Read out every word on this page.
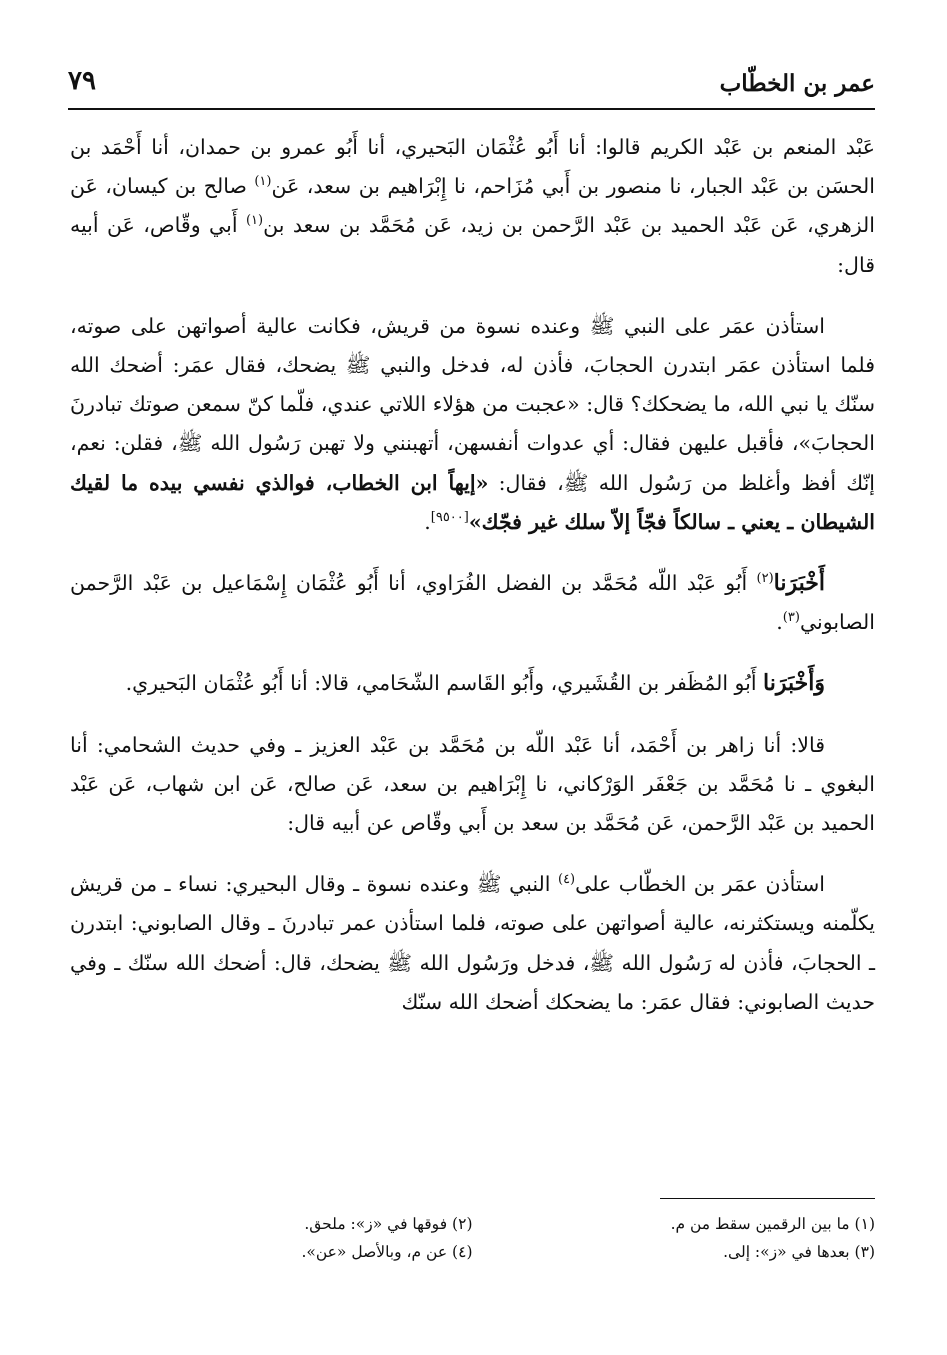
عمر بن الخطّاب
٧٩

عَبْد المنعم بن عَبْد الكريم قالوا: أنا أَبُو عُثْمَان البَحيري، أنا أَبُو عمرو بن حمدان، أنا أَحْمَد بن الحسَن بن عَبْد الجبار، نا منصور بن أَبي مُزَاحم، نا إِبْرَاهيم بن سعد، عَن$^{(١)}$ صالح بن كيسان، عَن الزهري، عَن عَبْد الحميد بن عَبْد الرَّحمن بن زيد، عَن مُحَمَّد بن سعد بن$^{(١)}$ أَبي وقّاص، عَن أبيه قال:

استأذن عمَر على النبي ﷺ وعنده نسوة من قريش، فكانت عالية أصواتهن على صوته، فلما استأذن عمَر ابتدرن الحجابَ، فأذن له، فدخل والنبي ﷺ يضحك، فقال عمَر: أضحك الله سنّك يا نبي الله، ما يضحكك؟ قال: «عجبت من هؤلاء اللاتي عندي، فلّما كنّ سمعن صوتك تبادرنَ الحجابَ»، فأقبل عليهن فقال: أي عدوات أنفسهن، أتهبنني ولا تهبن رَسُول الله ﷺ، فقلن: نعم، إنّك أفظ وأغلظ من رَسُول الله ﷺ، فقال: «إيهاً ابن الخطاب، فوالذي نفسي بيده ما لقيك الشيطان ـ يعني ـ سالكاً فجّاً إلاّ سلك غير فجّك»[٩٥٠٠].

أَخْبَرَنا$^{(٢)}$ أَبُو عَبْد اللّه مُحَمَّد بن الفضل الفُرَاوي، أنا أَبُو عُثْمَان إِسْمَاعيل بن عَبْد الرَّحمن الصابوني$^{(٣)}$.

وَأَخْبَرَنا أَبُو المُظَفر بن القُشَيري، وأَبُو القَاسم الشّحَامي، قالا: أنا أَبُو عُثْمَان البَحيري.

قالا: أنا زاهر بن أَحْمَد، أنا عَبْد اللّه بن مُحَمَّد بن عَبْد العزيز ـ وفي حديث الشحامي: أنا البغوي ـ نا مُحَمَّد بن جَعْفَر الوَرْكاني، نا إِبْرَاهيم بن سعد، عَن صالح، عَن ابن شهاب، عَن عَبْد الحميد بن عَبْد الرَّحمن، عَن مُحَمَّد بن سعد بن أَبي وقّاص عن أبيه قال:

استأذن عمَر بن الخطّاب على$^{(٤)}$ النبي ﷺ وعنده نسوة ـ وقال البحيري: نساء ـ من قريش يكلّمنه ويستكثرنه، عالية أصواتهن على صوته، فلما استأذن عمر تبادرنَ ـ وقال الصابوني: ابتدرن ـ الحجابَ، فأذن له رَسُول الله ﷺ، فدخل ورَسُول الله ﷺ يضحك، قال: أضحك الله سنّك ـ وفي حديث الصابوني: فقال عمَر: ما يضحكك أضحك الله سنّك

(١) ما بين الرقمين سقط من م.
(٢) فوقها في «ز»: ملحق.
(٣) بعدها في «ز»: إلى.
(٤) عن م، وبالأصل «عن».
